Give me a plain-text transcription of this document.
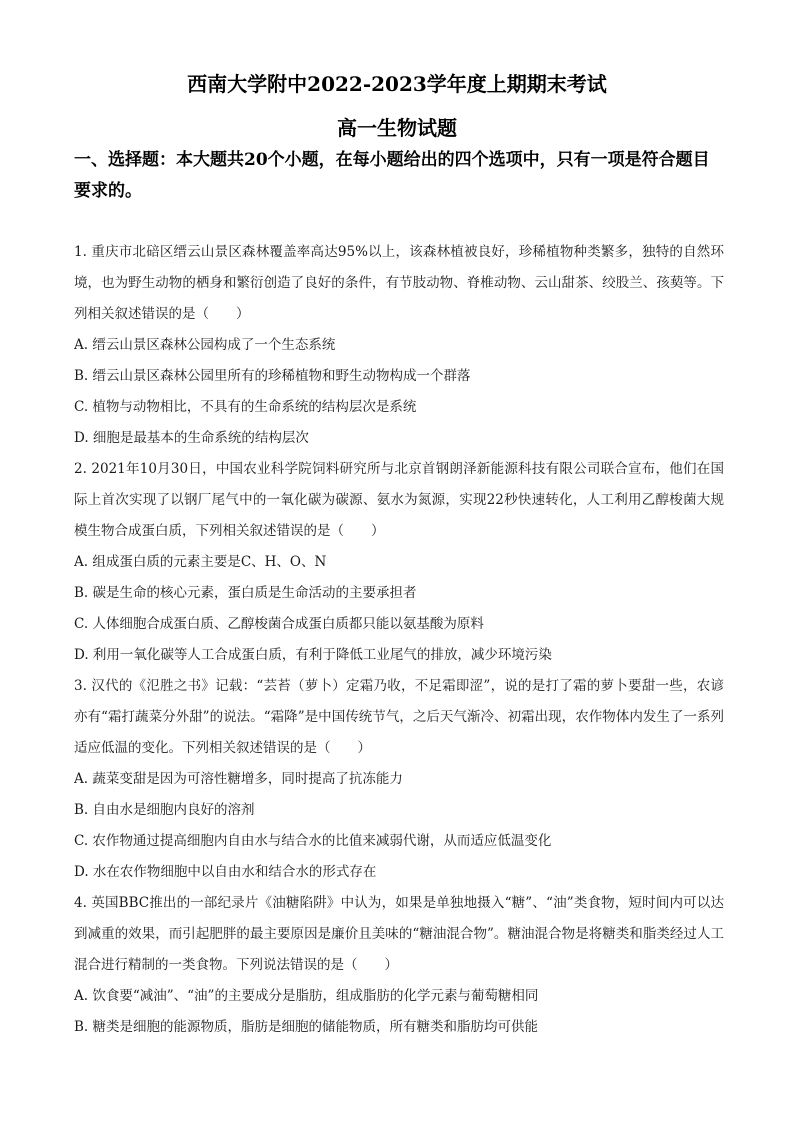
西南大学附中2022-2023学年度上期期末考试
高一生物试题
一、选择题：本大题共20个小题，在每小题给出的四个选项中，只有一项是符合题目要求的。
1. 重庆市北碚区缙云山景区森林覆盖率高达95%以上，该森林植被良好，珍稀植物种类繁多，独特的自然环境，也为野生动物的栖身和繁衍创造了良好的条件，有节肢动物、脊椎动物、云山甜茶、绞股兰、孩葜等。下列相关叙述错误的是（　　）
A. 缙云山景区森林公园构成了一个生态系统
B. 缙云山景区森林公园里所有的珍稀植物和野生动物构成一个群落
C. 植物与动物相比，不具有的生命系统的结构层次是系统
D. 细胞是最基本的生命系统的结构层次
2. 2021年10月30日，中国农业科学院饲料研究所与北京首钢朗泽新能源科技有限公司联合宣布，他们在国际上首次实现了以钢厂尾气中的一氧化碳为碳源、氨水为氮源，实现22秒快速转化，人工利用乙醇梭菌大规模生物合成蛋白质，下列相关叙述错误的是（　　）
A. 组成蛋白质的元素主要是C、H、O、N
B. 碳是生命的核心元素，蛋白质是生命活动的主要承担者
C. 人体细胞合成蛋白质、乙醇梭菌合成蛋白质都只能以氨基酸为原料
D. 利用一氧化碳等人工合成蛋白质，有利于降低工业尾气的排放，减少环境污染
3. 汉代的《氾胜之书》记载：“芸苔（萝卜）定霜乃收，不足霜即涩”，说的是打了霜的萝卜要甜一些，农谚亦有“霜打蔬菜分外甜”的说法。“霜降”是中国传统节气，之后天气渐冷、初霜出现，农作物体内发生了一系列适应低温的变化。下列相关叙述错误的是（　　）
A. 蔬菜变甜是因为可溶性糖增多，同时提高了抗冻能力
B. 自由水是细胞内良好的溶剂
C. 农作物通过提高细胞内自由水与结合水的比值来减弱代谢，从而适应低温变化
D. 水在农作物细胞中以自由水和结合水的形式存在
4. 英国BBC推出的一部纪录片《油糖陷阱》中认为，如果是单独地摄入“糖”、“油”类食物，短时间内可以达到减重的效果，而引起肥胖的最主要原因是廉价且美味的“糖油混合物”。糖油混合物是将糖类和脂类经过人工混合进行精制的一类食物。下列说法错误的是（　　）
A. 饮食要“减油”、“油”的主要成分是脂肪，组成脂肪的化学元素与葡萄糖相同
B. 糖类是细胞的能源物质，脂肪是细胞的储能物质，所有糖类和脂肪均可供能
